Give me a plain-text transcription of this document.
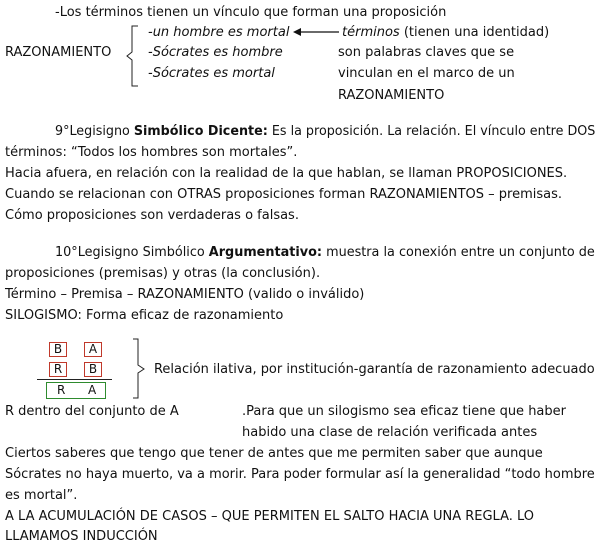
-Los términos tienen un vínculo que forman una proposición
RAZONAMIENTO
-un hombre es mortal
-Sócrates es hombre
-Sócrates es mortal
términos (tienen una identidad)
son palabras claves que se
vinculan en el marco de un
RAZONAMIENTO
9°Legisigno Simbólico Dicente: Es la proposición. La relación. El vínculo entre DOS
términos: “Todos los hombres son mortales”.
Hacia afuera, en relación con la realidad de la que hablan, se llaman PROPOSICIONES.
Cuando se relacionan con OTRAS proposiciones forman RAZONAMIENTOS – premisas.
Cómo proposiciones son verdaderas o falsas.
10°Legisigno Simbólico Argumentativo: muestra la conexión entre un conjunto de
proposiciones (premisas) y otras (la conclusión).
Término – Premisa – RAZONAMIENTO (valido o inválido)
SILOGISMO: Forma eficaz de razonamiento
B	A
R	B
R A
Relación ilativa, por institución-garantía de razonamiento adecuado
R dentro del conjunto de A	.Para que un silogismo sea eficaz tiene que haber
habido una clase de relación verificada antes
Ciertos saberes que tengo que tener de antes que me permiten saber que aunque
Sócrates no haya muerto, va a morir. Para poder formular así la generalidad “todo hombre
es mortal”.
A LA ACUMULACIÓN DE CASOS – QUE PERMITEN EL SALTO HACIA UNA REGLA. LO
LLAMAMOS INDUCCIÓN
